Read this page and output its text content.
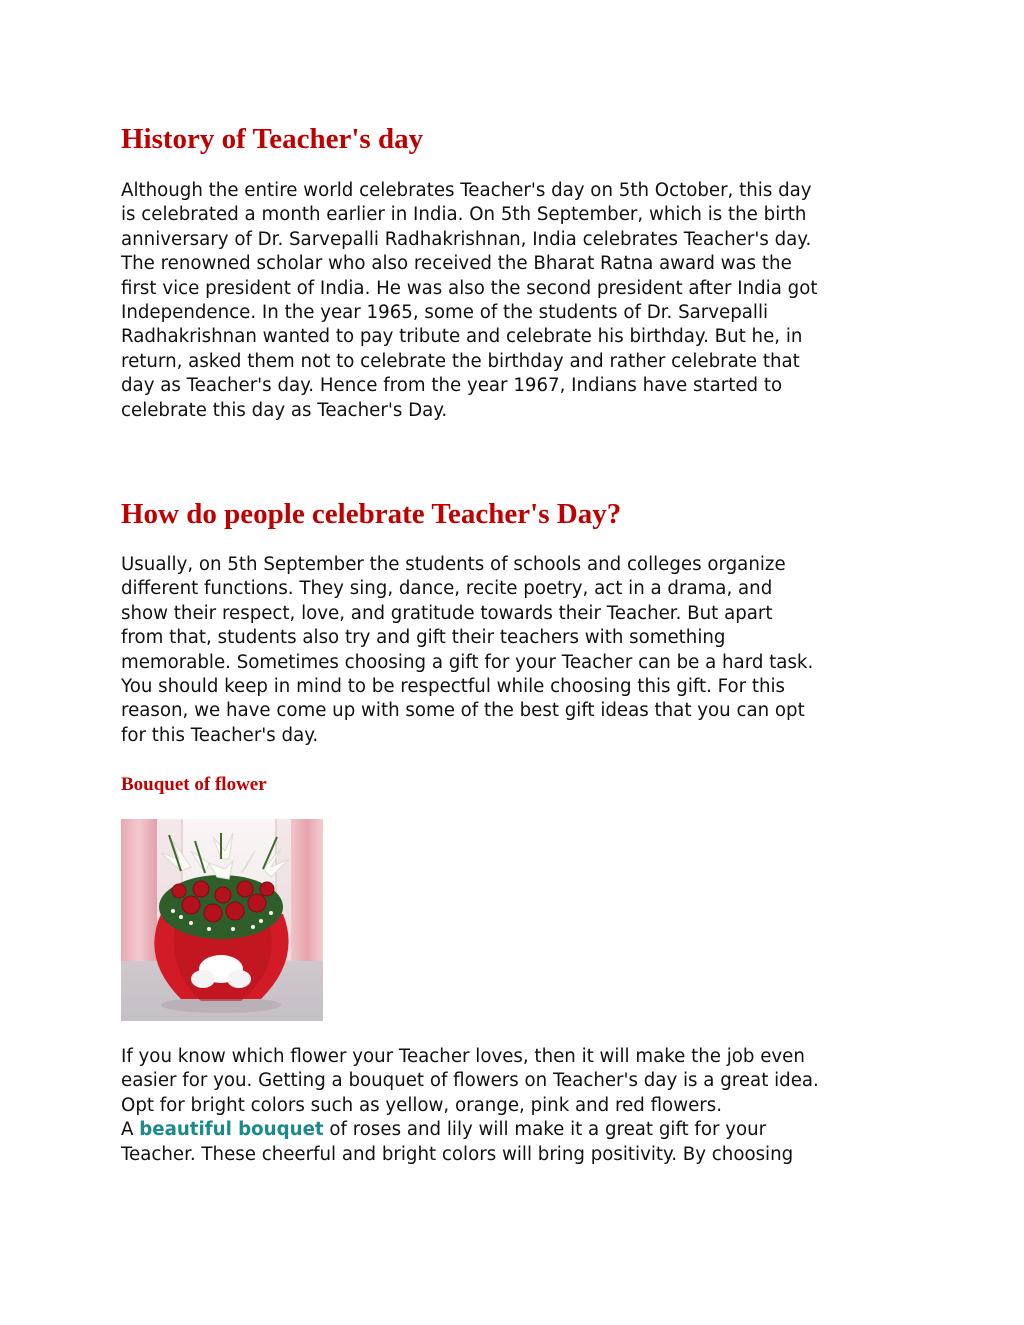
History of Teacher's day
Although the entire world celebrates Teacher's day on 5th October, this day
is celebrated a month earlier in India. On 5th September, which is the birth
anniversary of Dr. Sarvepalli Radhakrishnan, India celebrates Teacher's day.
The renowned scholar who also received the Bharat Ratna award was the
first vice president of India. He was also the second president after India got
Independence. In the year 1965, some of the students of Dr. Sarvepalli
Radhakrishnan wanted to pay tribute and celebrate his birthday. But he, in
return, asked them not to celebrate the birthday and rather celebrate that
day as Teacher's day. Hence from the year 1967, Indians have started to
celebrate this day as Teacher's Day.
How do people celebrate Teacher's Day?
Usually, on 5th September the students of schools and colleges organize
different functions. They sing, dance, recite poetry, act in a drama, and
show their respect, love, and gratitude towards their Teacher. But apart
from that, students also try and gift their teachers with something
memorable. Sometimes choosing a gift for your Teacher can be a hard task.
You should keep in mind to be respectful while choosing this gift. For this
reason, we have come up with some of the best gift ideas that you can opt
for this Teacher's day.
Bouquet of flower
If you know which flower your Teacher loves, then it will make the job even
easier for you. Getting a bouquet of flowers on Teacher's day is a great idea.
Opt for bright colors such as yellow, orange, pink and red flowers.
A beautiful bouquet of roses and lily will make it a great gift for your
Teacher. These cheerful and bright colors will bring positivity. By choosing
